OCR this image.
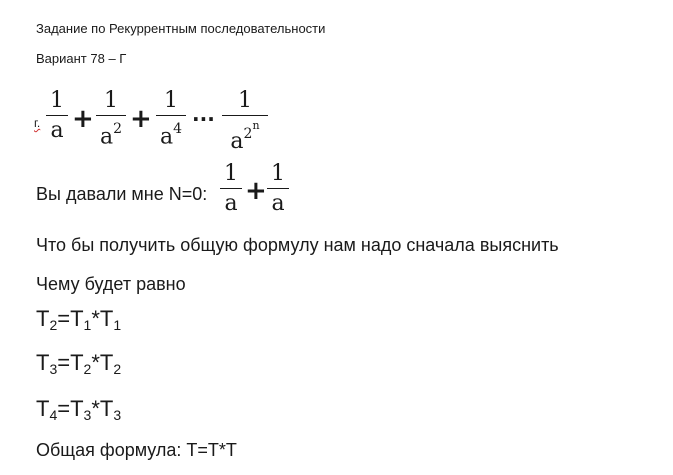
Задание по Рекуррентным последовательности
Вариант 78 – Г
г.
1
a +
1
$a^2$ +
1
$a^4$ ···
1
$a^{2^n}$
Вы давали мне N=0:
1
a +
1
a
Что бы получить общую формулу нам надо сначала выяснить
Чему будет равно
$T_2=T_1*T_1$
$T_3=T_2*T_2$
$T_4=T_3*T_3$
Общая формула: T=T*T
